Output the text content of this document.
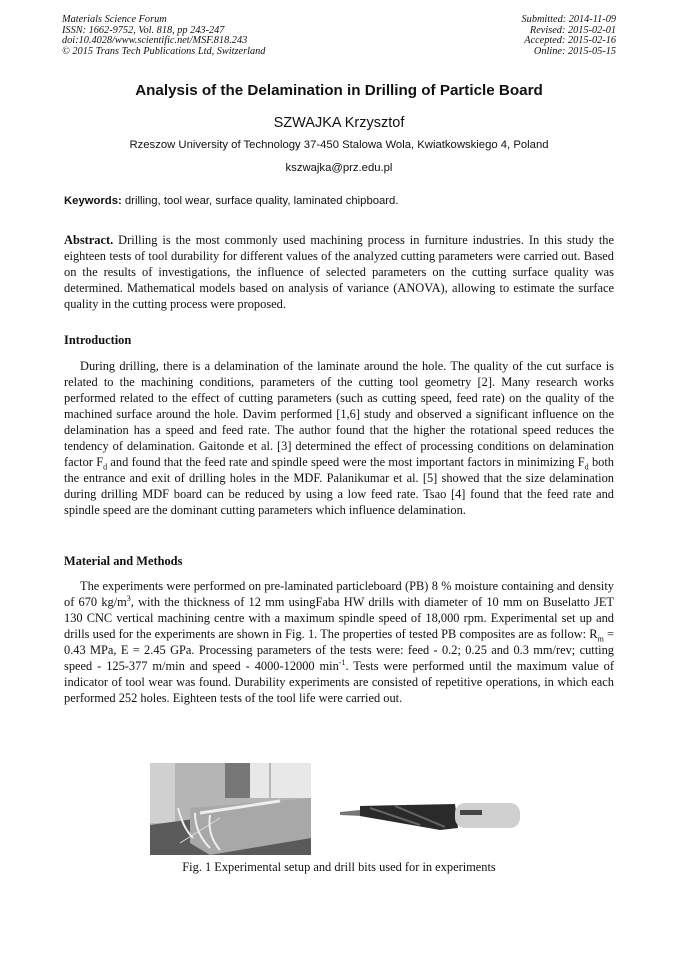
Materials Science Forum
ISSN: 1662-9752, Vol. 818, pp 243-247
doi:10.4028/www.scientific.net/MSF.818.243
© 2015 Trans Tech Publications Ltd, Switzerland
Submitted: 2014-11-09
Revised: 2015-02-01
Accepted: 2015-02-16
Online: 2015-05-15
Analysis of the Delamination in Drilling of Particle Board
SZWAJKA Krzysztof
Rzeszow University of Technology 37-450 Stalowa Wola, Kwiatkowskiego 4, Poland
kszwajka@prz.edu.pl
Keywords: drilling, tool wear, surface quality, laminated chipboard.

Abstract. Drilling is the most commonly used machining process in furniture industries. In this study the eighteen tests of tool durability for different values of the analyzed cutting parameters were carried out. Based on the results of investigations, the influence of selected parameters on the cutting surface quality was determined. Mathematical models based on analysis of variance (ANOVA), allowing to estimate the surface quality in the cutting process were proposed.

Introduction

During drilling, there is a delamination of the laminate around the hole. The quality of the cut surface is related to the machining conditions, parameters of the cutting tool geometry [2]. Many research works performed related to the effect of cutting parameters (such as cutting speed, feed rate) on the quality of the machined surface around the hole. Davim performed [1,6] study and observed a significant influence on the delamination has a speed and feed rate. The author found that the higher the rotational speed reduces the tendency of delamination. Gaitonde et al. [3] determined the effect of processing conditions on delamination factor $F_d$ and found that the feed rate and spindle speed were the most important factors in minimizing $F_d$ both the entrance and exit of drilling holes in the MDF. Palanikumar et al. [5] showed that the size delamination during drilling MDF board can be reduced by using a low feed rate. Tsao [4] found that the feed rate and spindle speed are the dominant cutting parameters which influence delamination.

Material and Methods

The experiments were performed on pre-laminated particleboard (PB) 8 % moisture containing and density of 670 $kg/m^3$, with the thickness of 12 mm usingFaba HW drills with diameter of 10 mm on Buselatto JET 130 CNC vertical machining centre with a maximum spindle speed of 18,000 rpm. Experimental set up and drills used for the experiments are shown in Fig. 1. The properties of tested PB composites are as follow: $R_m = 0.43$ MPa, E = 2.45 GPa. Processing parameters of the tests were: feed - 0.2; 0.25 and 0.3 mm/rev; cutting speed - 125-377 m/min and speed - 4000-12000 $\min^{-1}$. Tests were performed until the maximum value of indicator of tool wear was found. Durability experiments are consisted of repetitive operations, in which each performed 252 holes. Eighteen tests of the tool life were carried out.

Fig. 1 Experimental setup and drill bits used for in experiments
